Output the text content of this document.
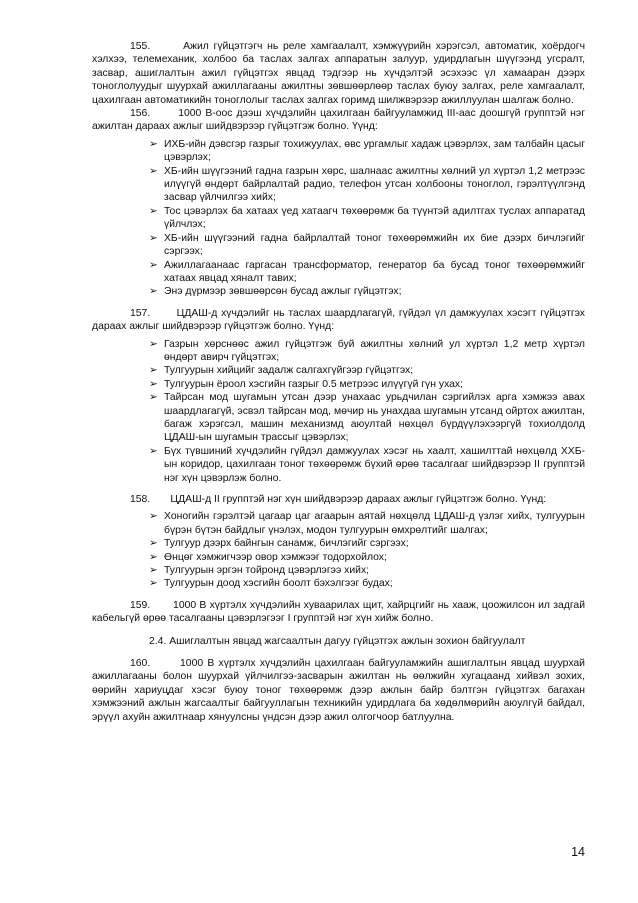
155.       Ажил гүйцэтгэгч нь реле хамгаалалт, хэмжүүрийн хэрэгсэл, автоматик, хоёрдогч хэлхээ, телемеханик, холбоо ба таслах залгах аппаратын залуур, удирдлагын шүүгээнд угсралт, засвар, ашиглалтын ажил гүйцэтгэх явцад тэдгээр нь хүчдэлтэй эсэхээс үл хамааран дээрх тоноглолуудыг шуурхай ажиллагааны ажилтны зөвшөөрлөөр таслах буюу залгах, реле хамгаалалт, цахилгаан автоматикийн тоноглолыг таслах залгах горимд шилжвэрээр ажиллуулан шалгаж болно.

156.       1000 В-оос дээш хүчдэлийн цахилгаан байгууламжид III-аас доошгүй групптэй нэг ажилтан дараах ажлыг шийдвэрээр гүйцэтгэж болно. Үүнд:

➢ ИХБ-ийн дэвсгэр газрыг тохижуулах, өвс ургамлыг хадаж цэвэрлэх, зам талбайн цасыг цэвэрлэх;
➢ ХБ-ийн шүүгээний гадна газрын хөрс, шалнаас ажилтны хөлний ул хүртэл 1,2 метрээс илүүгүй өндөрт байрлалтай радио, телефон утсан холбооны тоноглол, гэрэлтүүлгэнд засвар үйлчилгээ хийх;
➢ Тос цэвэрлэх ба хатаах үед хатаагч төхөөрөмж ба түүнтэй адилтгах туслах аппаратад үйлчлэх;
➢ ХБ-ийн шүүгээний гадна байрлалтай тоног төхөөрөмжийн их бие дээрх бичлэгийг сэргээх;
➢ Ажиллагаанаас гаргасан трансформатор, генератор ба бусад тоног төхөөрөмжийг хатаах явцад хяналт тавих;
➢ Энэ дүрмээр зөвшөөрсөн бусад ажлыг гүйцэтгэх;

157.       ЦДАШ-д хүчдэлийг нь таслах шаардлагагүй, гүйдэл үл дамжуулах хэсэгт гүйцэтгэх дараах ажлыг шийдвэрээр гүйцэтгэж болно. Үүнд:

➢ Газрын хөрснөөс ажил гүйцэтгэж буй ажилтны хөлний ул хүртэл 1,2 метр хүртэл өндөрт авирч гүйцэтгэх;
➢ Тулгуурын хийцийг задалж салгахгүйгээр гүйцэтгэх;
➢ Тулгуурын ёроол хэсгийн газрыг 0.5 метрээс илүүгүй гүн ухах;
➢ Тайрсан мод шугамын утсан дээр унахаас урьдчилан сэргийлэх арга хэмжээ авах шаардлагагүй, эсвэл тайрсан мод, мөчир нь унахдаа шугамын утсанд ойртох ажилтан, багаж хэрэгсэл, машин механизмд аюултай нөхцөл бүрдүүлэхээргүй тохиолдолд ЦДАШ-ын шугамын трассыг цэвэрлэх;
➢ Бүх түвшиний хүчдэлийн гүйдэл дамжуулах хэсэг нь хаалт, хашилттай нөхцөлд ХХБ-ын коридор, цахилгаан тоног төхөөрөмж бүхий өрөө тасалгааг шийдвэрээр II групптэй нэг хүн цэвэрлэж болно.

158.       ЦДАШ-д II групптэй нэг хүн шийдвэрээр дараах ажлыг гүйцэтгэж болно. Үүнд:

➢ Хоногийн гэрэлтэй цагаар цаг агаарын аятай нөхцөлд ЦДАШ-д үзлэг хийх, тулгуурын бүрэн бүтэн байдлыг үнэлэх, модон тулгуурын өмхрөлтийг шалгах;
➢ Тулгуур дээрх байнгын санамж, бичлэгийг сэргээх;
➢ Өнцөг хэмжигчээр овор хэмжээг тодорхойлох;
➢ Тулгуурын эргэн тойронд цэвэрлэгээ хийх;
➢ Тулгуурын доод хэсгийн боолт бэхэлгээг будах;

159.       1000 В хүртэлх хүчдэлийн хуваарилах щит, хайрцгийг нь хааж, цоожилсон ил задгай кабельгүй өрөө тасалгааны цэвэрлэгээг I групптэй нэг хүн хийж болно.

2.4. Ашиглалтын явцад жагсаалтын дагуу гүйцэтгэх ажлын зохион байгуулалт

160.       1000 В хүртэлх хүчдэлийн цахилгаан байгууламжийн ашиглалтын явцад шуурхай ажиллагааны болон шуурхай үйлчилгээ-засварын ажилтан нь өөлжийн хугацаанд хийвэл зохих, өөрийн хариуцдаг хэсэг буюу тоног төхөөрөмж дээр ажлын байр бэлтгэн гүйцэтгэх багахан хэмжээний ажлын жагсаалтыг байгууллагын техникийн удирдлага ба хөдөлмөрийн аюулгүй байдал, эрүүл ахуйн ажилтнаар хянуулсны үндсэн дээр ажил олгогчоор батлуулна.

14
